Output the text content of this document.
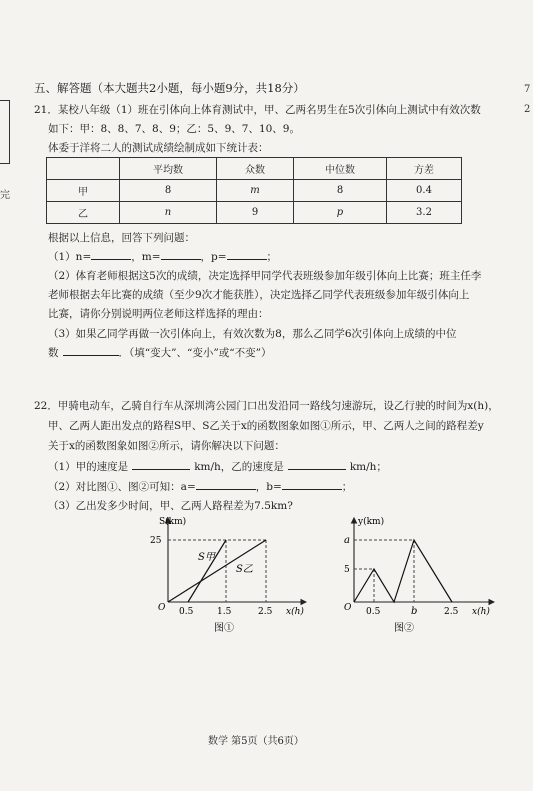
完
7
2
五、解答题（本大题共2小题，每小题9分，共18分）
21．某校八年级（1）班在引体向上体育测试中，甲、乙两名男生在5次引体向上测试中有效次数
如下：甲：8、8、7、8、9；乙：5、9、7、10、9。
体委于洋将二人的测试成绩绘制成如下统计表：
	平均数	众数	中位数	方差
甲	8	m	8	0.4
乙	n	9	p	3.2
根据以上信息，回答下列问题：
（1）n=	，m=	，p=	；
（2）体育老师根据这5次的成绩，决定选择甲同学代表班级参加年级引体向上比赛；班主任李
老师根据去年比赛的成绩（至少9次才能获胜），决定选择乙同学代表班级参加年级引体向上
比赛，请你分别说明两位老师这样选择的理由：
（3）如果乙同学再做一次引体向上，有效次数为8，那么乙同学6次引体向上成绩的中位
数	．（填“变大”、“变小”或“不变”）
22．甲骑电动车，乙骑自行车从深圳湾公园门口出发沿同一路线匀速游玩，设乙行驶的时间为x(h)，
甲、乙两人距出发点的路程S甲、S乙关于x的函数图象如图①所示，甲、乙两人之间的路程差y
关于x的函数图象如图②所示，请你解决以下问题：
（1）甲的速度是	km/h，乙的速度是	km/h；
（2）对比图①、图②可知：a=	，b=	；
（3）乙出发多少时间，甲、乙两人路程差为7.5km?
S(km)
25
O 0.5	1.5	2.5 x(h)
S甲
S乙
图①
y(km)
a
5
O 0.5	b	2.5 x(h)
图②
数学 第5页（共6页）
